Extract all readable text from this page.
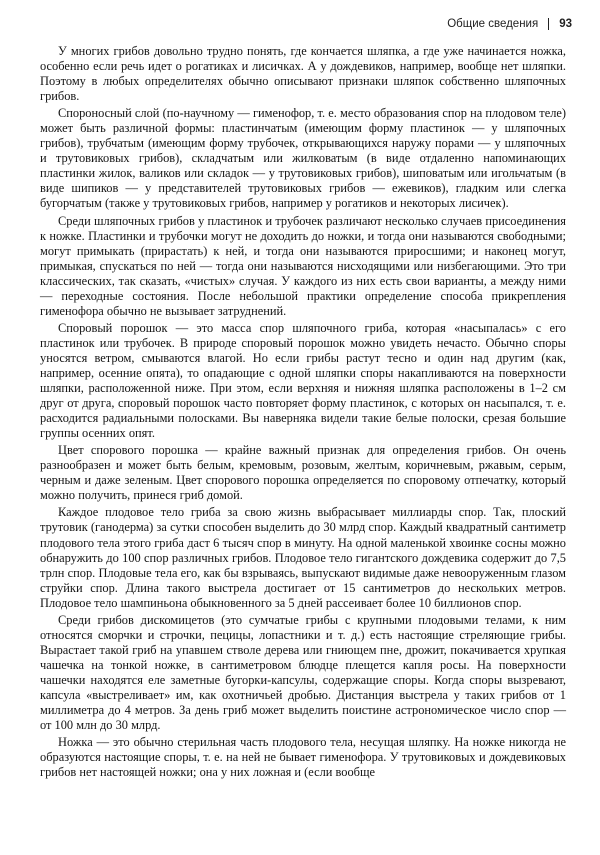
Общие сведения 93

У многих грибов довольно трудно понять, где кончается шляпка, а где уже начинается ножка, особенно если речь идет о рогатиках и лисичках. А у дождевиков, например, вообще нет шляпки. Поэтому в любых определителях обычно описывают признаки шляпок собственно шляпочных грибов.

Спороносный слой (по-научному — гименофор, т. е. место образования спор на плодовом теле) может быть различной формы: пластинчатым (имеющим форму пластинок — у шляпочных грибов), трубчатым (имеющим форму трубочек, открывающихся наружу порами — у шляпочных и трутовиковых грибов), складчатым или жилковатым (в виде отдаленно напоминающих пластинки жилок, валиков или складок — у трутовиковых грибов), шиповатым или игольчатым (в виде шипиков — у представителей трутовиковых грибов — ежевиков), гладким или слегка бугорчатым (также у трутовиковых грибов, например у рогатиков и некоторых лисичек).

Среди шляпочных грибов у пластинок и трубочек различают несколько случаев присоединения к ножке. Пластинки и трубочки могут не доходить до ножки, и тогда они называются свободными; могут примыкать (прирастать) к ней, и тогда они называются приросшими; и наконец могут, примыкая, спускаться по ней — тогда они называются нисходящими или низбегающими. Это три классических, так сказать, «чистых» случая. У каждого из них есть свои варианты, а между ними — переходные состояния. После небольшой практики определение способа прикрепления гименофора обычно не вызывает затруднений.

Споровый порошок — это масса спор шляпочного гриба, которая «насыпалась» с его пластинок или трубочек. В природе споровый порошок можно увидеть нечасто. Обычно споры уносятся ветром, смываются влагой. Но если грибы растут тесно и один над другим (как, например, осенние опята), то опадающие с одной шляпки споры накапливаются на поверхности шляпки, расположенной ниже. При этом, если верхняя и нижняя шляпка расположены в 1–2 см друг от друга, споровый порошок часто повторяет форму пластинок, с которых он насыпался, т. е. расходится радиальными полосками. Вы наверняка видели такие белые полоски, срезая большие группы осенних опят.

Цвет спорового порошка — крайне важный признак для определения грибов. Он очень разнообразен и может быть белым, кремовым, розовым, желтым, коричневым, ржавым, серым, черным и даже зеленым. Цвет спорового порошка определяется по споровому отпечатку, который можно получить, принеся гриб домой.

Каждое плодовое тело гриба за свою жизнь выбрасывает миллиарды спор. Так, плоский трутовик (ганодерма) за сутки способен выделить до 30 млрд спор. Каждый квадратный сантиметр плодового тела этого гриба даст 6 тысяч спор в минуту. На одной маленькой хвоинке сосны можно обнаружить до 100 спор различных грибов. Плодовое тело гигантского дождевика содержит до 7,5 трлн спор. Плодовые тела его, как бы взрываясь, выпускают видимые даже невооруженным глазом струйки спор. Длина такого выстрела достигает от 15 сантиметров до нескольких метров. Плодовое тело шампиньона обыкновенного за 5 дней рассеивает более 10 биллионов спор.

Среди грибов дискомицетов (это сумчатые грибы с крупными плодовыми телами, к ним относятся сморчки и строчки, пецицы, лопастники и т. д.) есть настоящие стреляющие грибы. Вырастает такой гриб на упавшем стволе дерева или гниющем пне, дрожит, покачивается хрупкая чашечка на тонкой ножке, в сантиметровом блюдце плещется капля росы. На поверхности чашечки находятся еле заметные бугорки-капсулы, содержащие споры. Когда споры вызревают, капсула «выстреливает» им, как охотничьей дробью. Дистанция выстрела у таких грибов от 1 миллиметра до 4 метров. За день гриб может выделить поистине астрономическое число спор — от 100 млн до 30 млрд.

Ножка — это обычно стерильная часть плодового тела, несущая шляпку. На ножке никогда не образуются настоящие споры, т. е. на ней не бывает гименофора. У трутовиковых и дождевиковых грибов нет настоящей ножки; она у них ложная и (если вообще
